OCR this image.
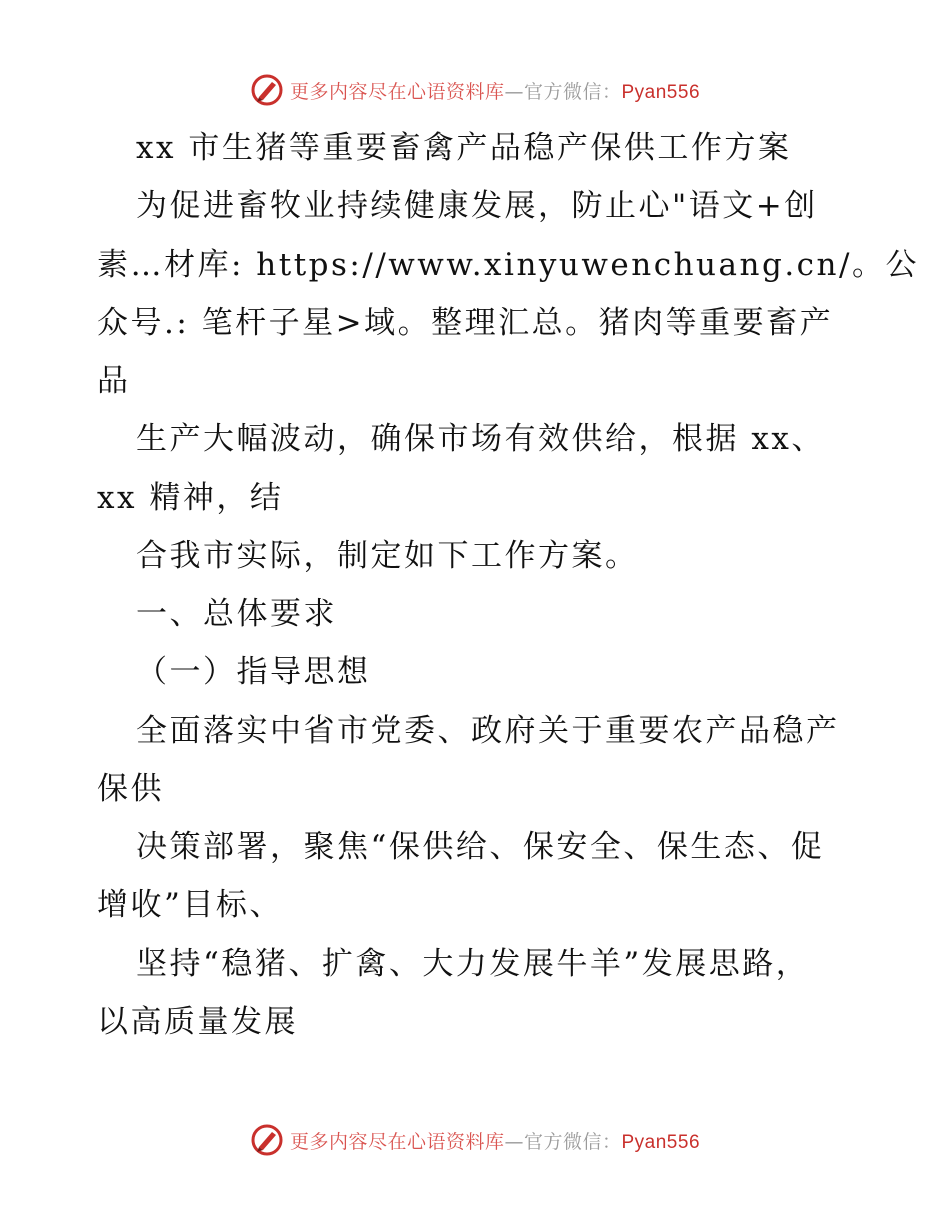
更多内容尽在心语资料库—官方微信：Pyan556
xx 市生猪等重要畜禽产品稳产保供工作方案
为促进畜牧业持续健康发展，防止心"语文+创
素…材库: https://www.xinyuwenchuang.cn/。公
众号.: 笔杆子星>域。整理汇总。猪肉等重要畜产
品
生产大幅波动，确保市场有效供给，根据 xx、
xx 精神，结
合我市实际，制定如下工作方案。
一、总体要求
（一）指导思想
全面落实中省市党委、政府关于重要农产品稳产
保供
决策部署，聚焦“保供给、保安全、保生态、促
增收”目标、
坚持“稳猪、扩禽、大力发展牛羊”发展思路，
以高质量发展
更多内容尽在心语资料库—官方微信：Pyan556
